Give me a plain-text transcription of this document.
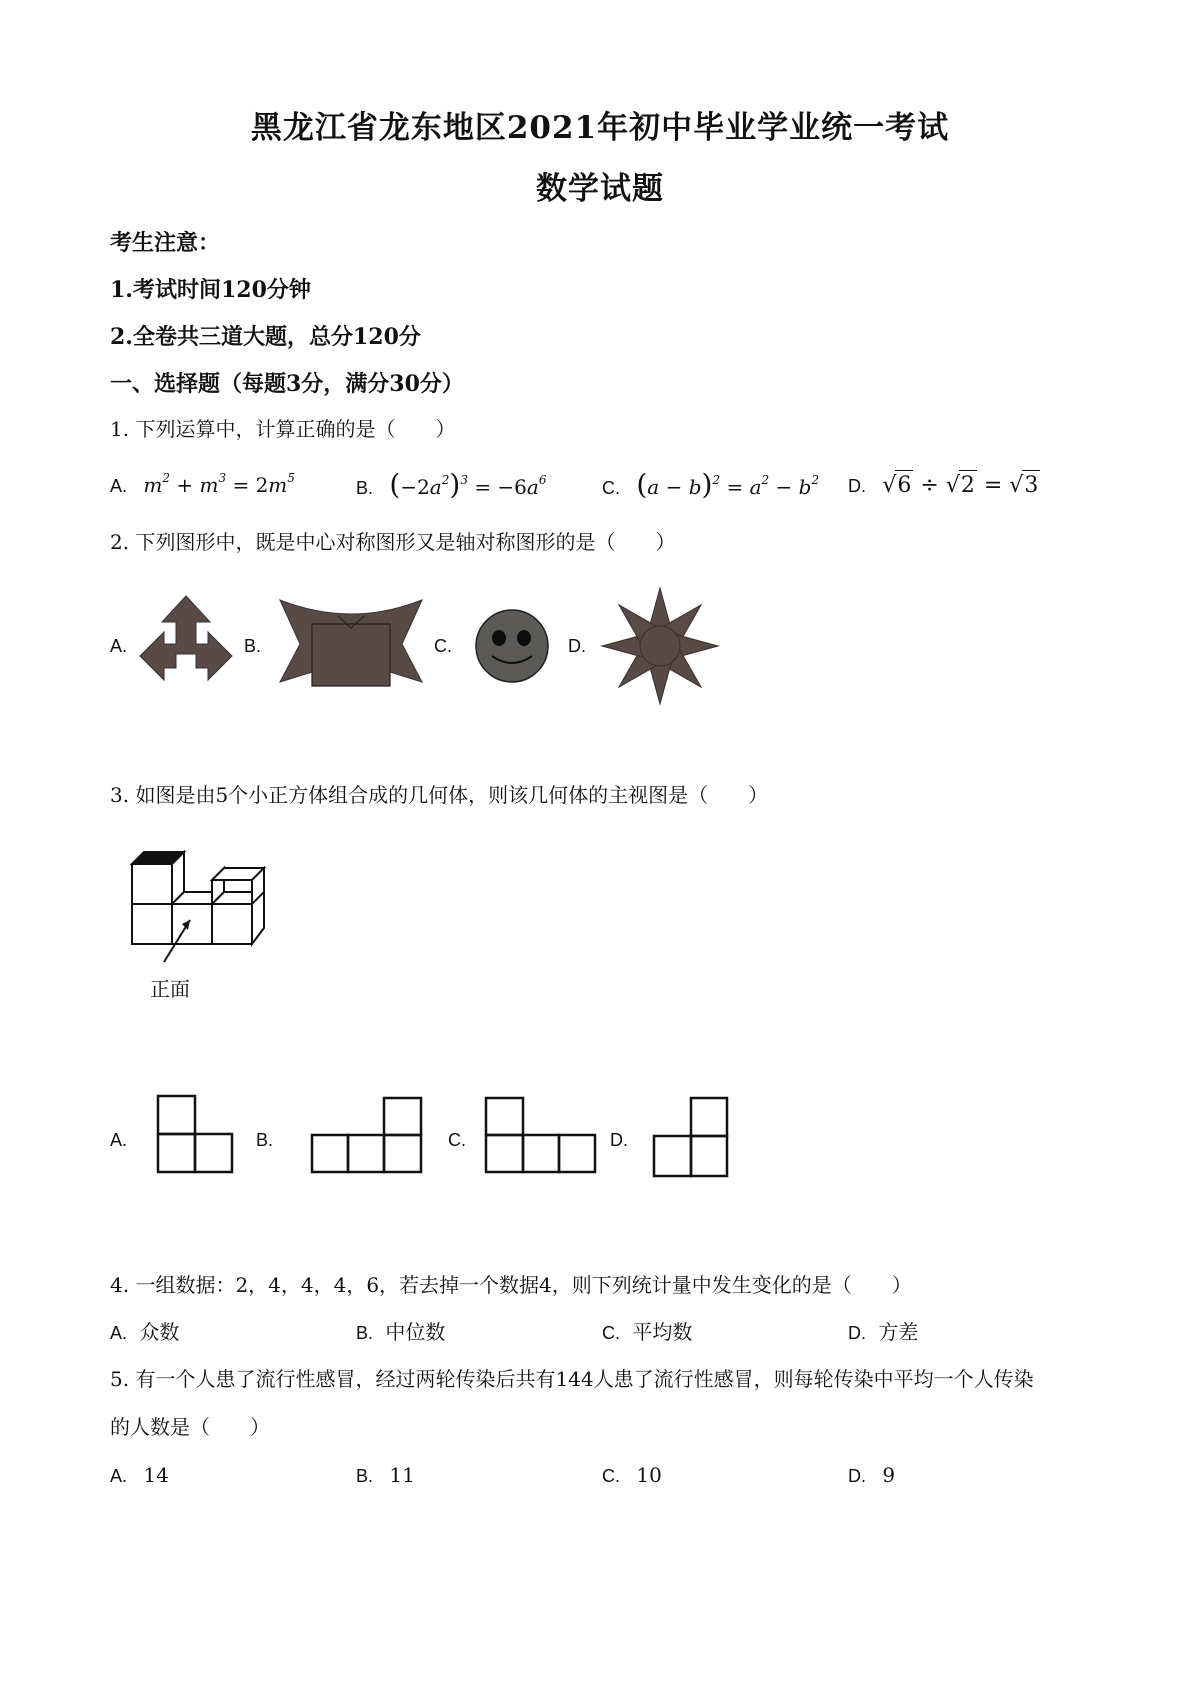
黑龙江省龙东地区2021年初中毕业学业统一考试
数学试题
考生注意：
1.考试时间120分钟
2.全卷共三道大题，总分120分
一、选择题（每题3分，满分30分）
1. 下列运算中，计算正确的是（　　）
A. $m^2 + m^3 = 2m^5$	B. $(-2a^2)^3 = -6a^6$	C. $(a - b)^2 = a^2 - b^2$ D. √6 ÷ √2 = √3
2. 下列图形中，既是中心对称图形又是轴对称图形的是（　　）
A.	B.	C.	D.
3. 如图是由5个小正方体组合成的几何体，则该几何体的主视图是（　　）
正面
A.	B.	C.	D.
4. 一组数据：2，4，4，4，6，若去掉一个数据4，则下列统计量中发生变化的是（　　）
A. 众数	B. 中位数	C. 平均数	D. 方差
5. 有一个人患了流行性感冒，经过两轮传染后共有144人患了流行性感冒，则每轮传染中平均一个人传染
的人数是（　　）
A. 14	B. 11	C. 10	D. 9
